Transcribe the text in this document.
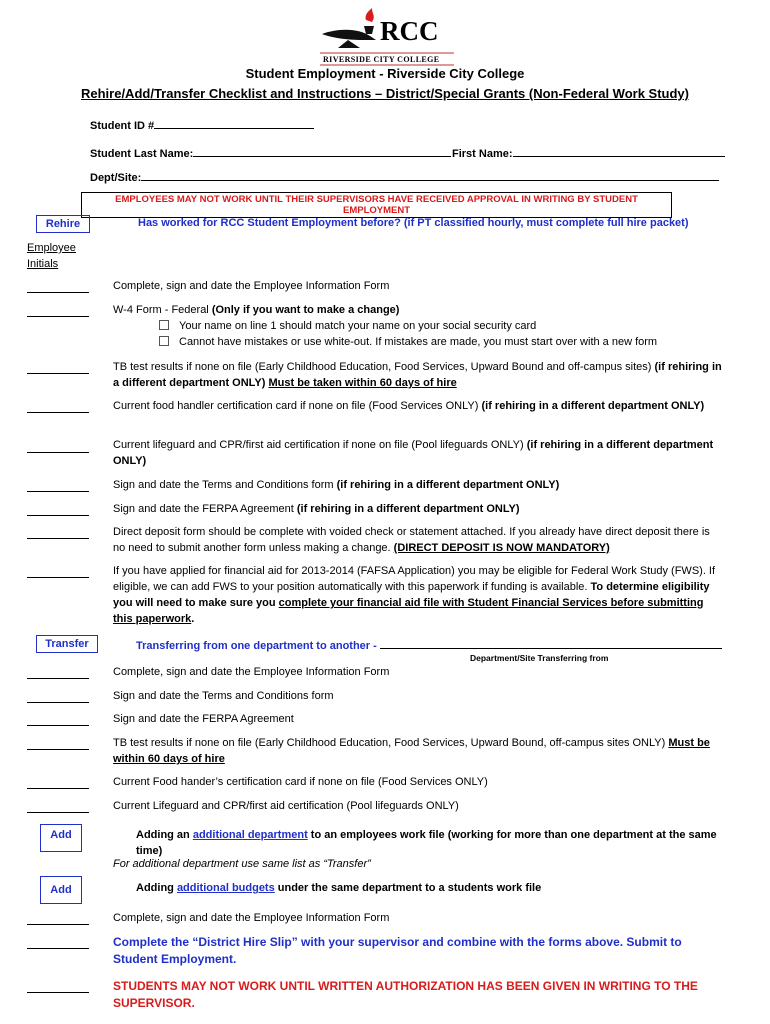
RCC
RIVERSIDE CITY COLLEGE
Student Employment - Riverside City College
Rehire/Add/Transfer Checklist and Instructions – District/Special Grants (Non-Federal Work Study)
Student ID #
Student Last Name:	First Name:
Dept/Site:
EMPLOYEES MAY NOT WORK UNTIL THEIR SUPERVISORS HAVE RECEIVED APPROVAL IN WRITING BY STUDENT EMPLOYMENT
Rehire	Has worked for RCC Student Employment before? (if PT classified hourly, must complete full hire packet)
Employee
Initials
Complete, sign and date the Employee Information Form
W-4 Form - Federal (Only if you want to make a change)
Your name on line 1 should match your name on your social security card
Cannot have mistakes or use white-out. If mistakes are made, you must start over with a new form
TB test results if none on file (Early Childhood Education, Food Services, Upward Bound and off-campus sites) (if rehiring in a different department ONLY) Must be taken within 60 days of hire
Current food handler certification card if none on file (Food Services ONLY) (if rehiring in a different department ONLY)
Current lifeguard and CPR/first aid certification if none on file (Pool lifeguards ONLY) (if rehiring in a different department ONLY)
Sign and date the Terms and Conditions form (if rehiring in a different department ONLY)
Sign and date the FERPA Agreement (if rehiring in a different department ONLY)
Direct deposit form should be complete with voided check or statement attached. If you already have direct deposit there is no need to submit another form unless making a change. (DIRECT DEPOSIT IS NOW MANDATORY)
If you have applied for financial aid for 2013-2014 (FAFSA Application) you may be eligible for Federal Work Study (FWS). If eligible, we can add FWS to your position automatically with this paperwork if funding is available. To determine eligibility you will need to make sure you complete your financial aid file with Student Financial Services before submitting this paperwork.
Transfer	Transferring from one department to another -
Department/Site Transferring from
Complete, sign and date the Employee Information Form
Sign and date the Terms and Conditions form
Sign and date the FERPA Agreement
TB test results if none on file (Early Childhood Education, Food Services, Upward Bound, off-campus sites ONLY) Must be within 60 days of hire
Current Food hander’s certification card if none on file (Food Services ONLY)
Current Lifeguard and CPR/first aid certification (Pool lifeguards ONLY)
Add	Adding an additional department to an employees work file (working for more than one department at the same time)
For additional department use same list as “Transfer”
Add	Adding additional budgets under the same department to a students work file
Complete, sign and date the Employee Information Form
Complete the “District Hire Slip” with your supervisor and combine with the forms above. Submit to Student Employment.
STUDENTS MAY NOT WORK UNTIL WRITTEN AUTHORIZATION HAS BEEN GIVEN IN WRITING TO THE SUPERVISOR.
